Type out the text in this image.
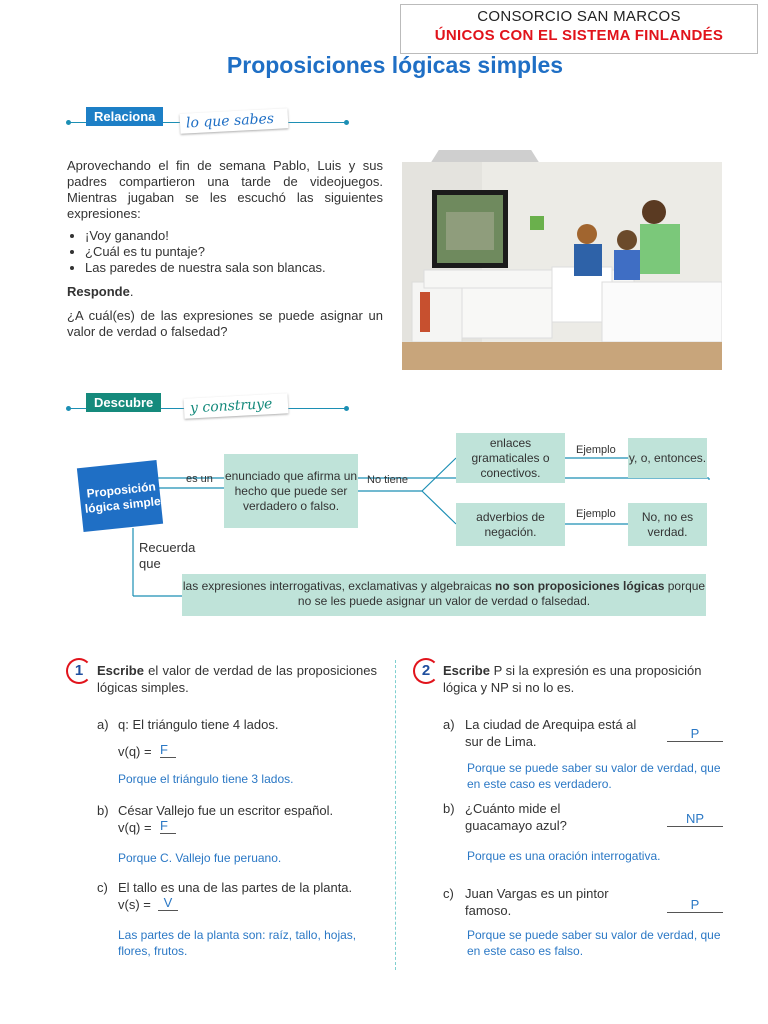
CONSORCIO SAN MARCOS
ÚNICOS CON EL SISTEMA FINLANDÉS
Proposiciones lógicas simples
Relaciona	lo que sabes

Aprovechando el fin de semana Pablo, Luis y sus padres compartieron una tarde de videojuegos. Mientras jugaban se les escuchó las siguientes expresiones:

• ¡Voy ganando!
• ¿Cuál es tu puntaje?
• Las paredes de nuestra sala son blancas.

Responde.

¿A cuál(es) de las expresiones se puede asignar un valor de verdad o falsedad?

Descubre	y construye
Proposición lógica simple
es un enunciado que afirma un hecho que puede ser verdadero o falso.
No tiene
enlaces gramaticales o conectivos.
adverbios de negación.
Ejemplo
Ejemplo
y, o, entonces.
No, no es verdad.
Recuerda que
las expresiones interrogativas, exclamativas y algebraicas no son proposiciones lógicas porque no se les puede asignar un valor de verdad o falsedad.
1	Escribe el valor de verdad de las proposiciones lógicas simples.
a) q: El triángulo tiene 4 lados.
v(q) = F
Porque el triángulo tiene 3 lados.
b) César Vallejo fue un escritor español.
v(q) = F
Porque C. Vallejo fue peruano.
c) El tallo es una de las partes de la planta.
v(s) = V
Las partes de la planta son: raíz, tallo, hojas, flores, frutos.
2 Escribe P si la expresión es una proposición lógica y NP si no lo es.
a) La ciudad de Arequipa está al sur de Lima.
P
Porque se puede saber su valor de verdad, que en este caso es verdadero.
b) ¿Cuánto mide el guacamayo azul?	NP
Porque es una oración interrogativa.
c) Juan Vargas es un pintor famoso.	P
Porque se puede saber su valor de verdad, que en este caso es falso.
